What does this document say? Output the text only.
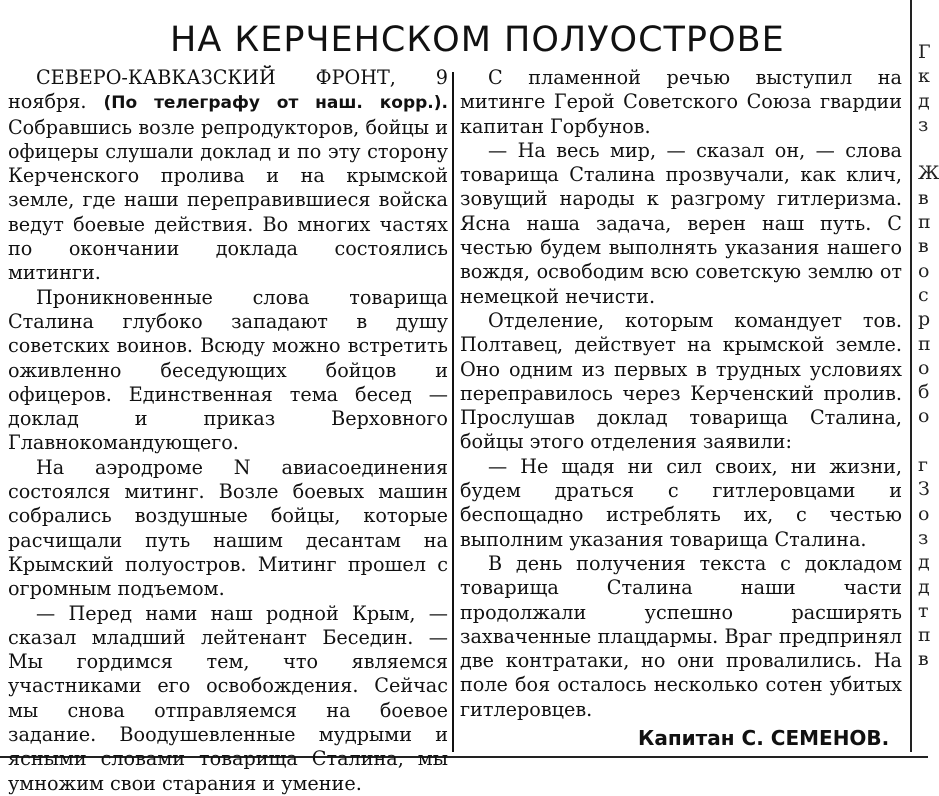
НА КЕРЧЕНСКОМ ПОЛУОСТРОВЕ

СЕВЕРО-КАВКАЗСКИЙ ФРОНТ, 9 ноября. (По телеграфу от наш. корр.). Собравшись возле репродукторов, бойцы и офицеры слушали доклад и по эту сторону Керченского пролива и на крымской земле, где наши переправившиеся войска ведут боевые действия. Во многих частях по окончании доклада состоялись митинги.

Проникновенные слова товарища Сталина глубоко западают в душу советских воинов. Всюду можно встретить оживленно беседующих бойцов и офицеров. Единственная тема бесед — доклад и приказ Верховного Главнокомандующего.

На аэродроме N авиасоединения состоялся митинг. Возле боевых машин собрались воздушные бойцы, которые расчищали путь нашим десантам на Крымский полуостров. Митинг прошел с огромным подъемом.

— Перед нами наш родной Крым, — сказал младший лейтенант Беседин. — Мы гордимся тем, что являемся участниками его освобождения. Сейчас мы снова отправляемся на боевое задание. Воодушевленные мудрыми и ясными словами товарища Сталина, мы умножим свои старания и умение.

С пламенной речью выступил на митинге Герой Советского Союза гвардии капитан Горбунов.

— На весь мир, — сказал он, — слова товарища Сталина прозвучали, как клич, зовущий народы к разгрому гитлеризма. Ясна наша задача, верен наш путь. С честью будем выполнять указания нашего вождя, освободим всю советскую землю от немецкой нечисти.

Отделение, которым командует тов. Полтавец, действует на крымской земле. Оно одним из первых в трудных условиях переправилось через Керченский пролив. Прослушав доклад товарища Сталина, бойцы этого отделения заявили:

— Не щадя ни сил своих, ни жизни, будем драться с гитлеровцами и беспощадно истреблять их, с честью выполним указания товарища Сталина.

В день получения текста с докладом товарища Сталина наши части продолжали успешно расширять захваченные плацдармы. Враг предпринял две контратаки, но они провалились. На поле боя осталось несколько сотен убитых гитлеровцев.

Капитан С. СЕМЕНОВ.
Г
к
д
з
Ж
в
п
в
о
с
р
п
о
б
о
г
З
о
з
д
д
т
п
в
